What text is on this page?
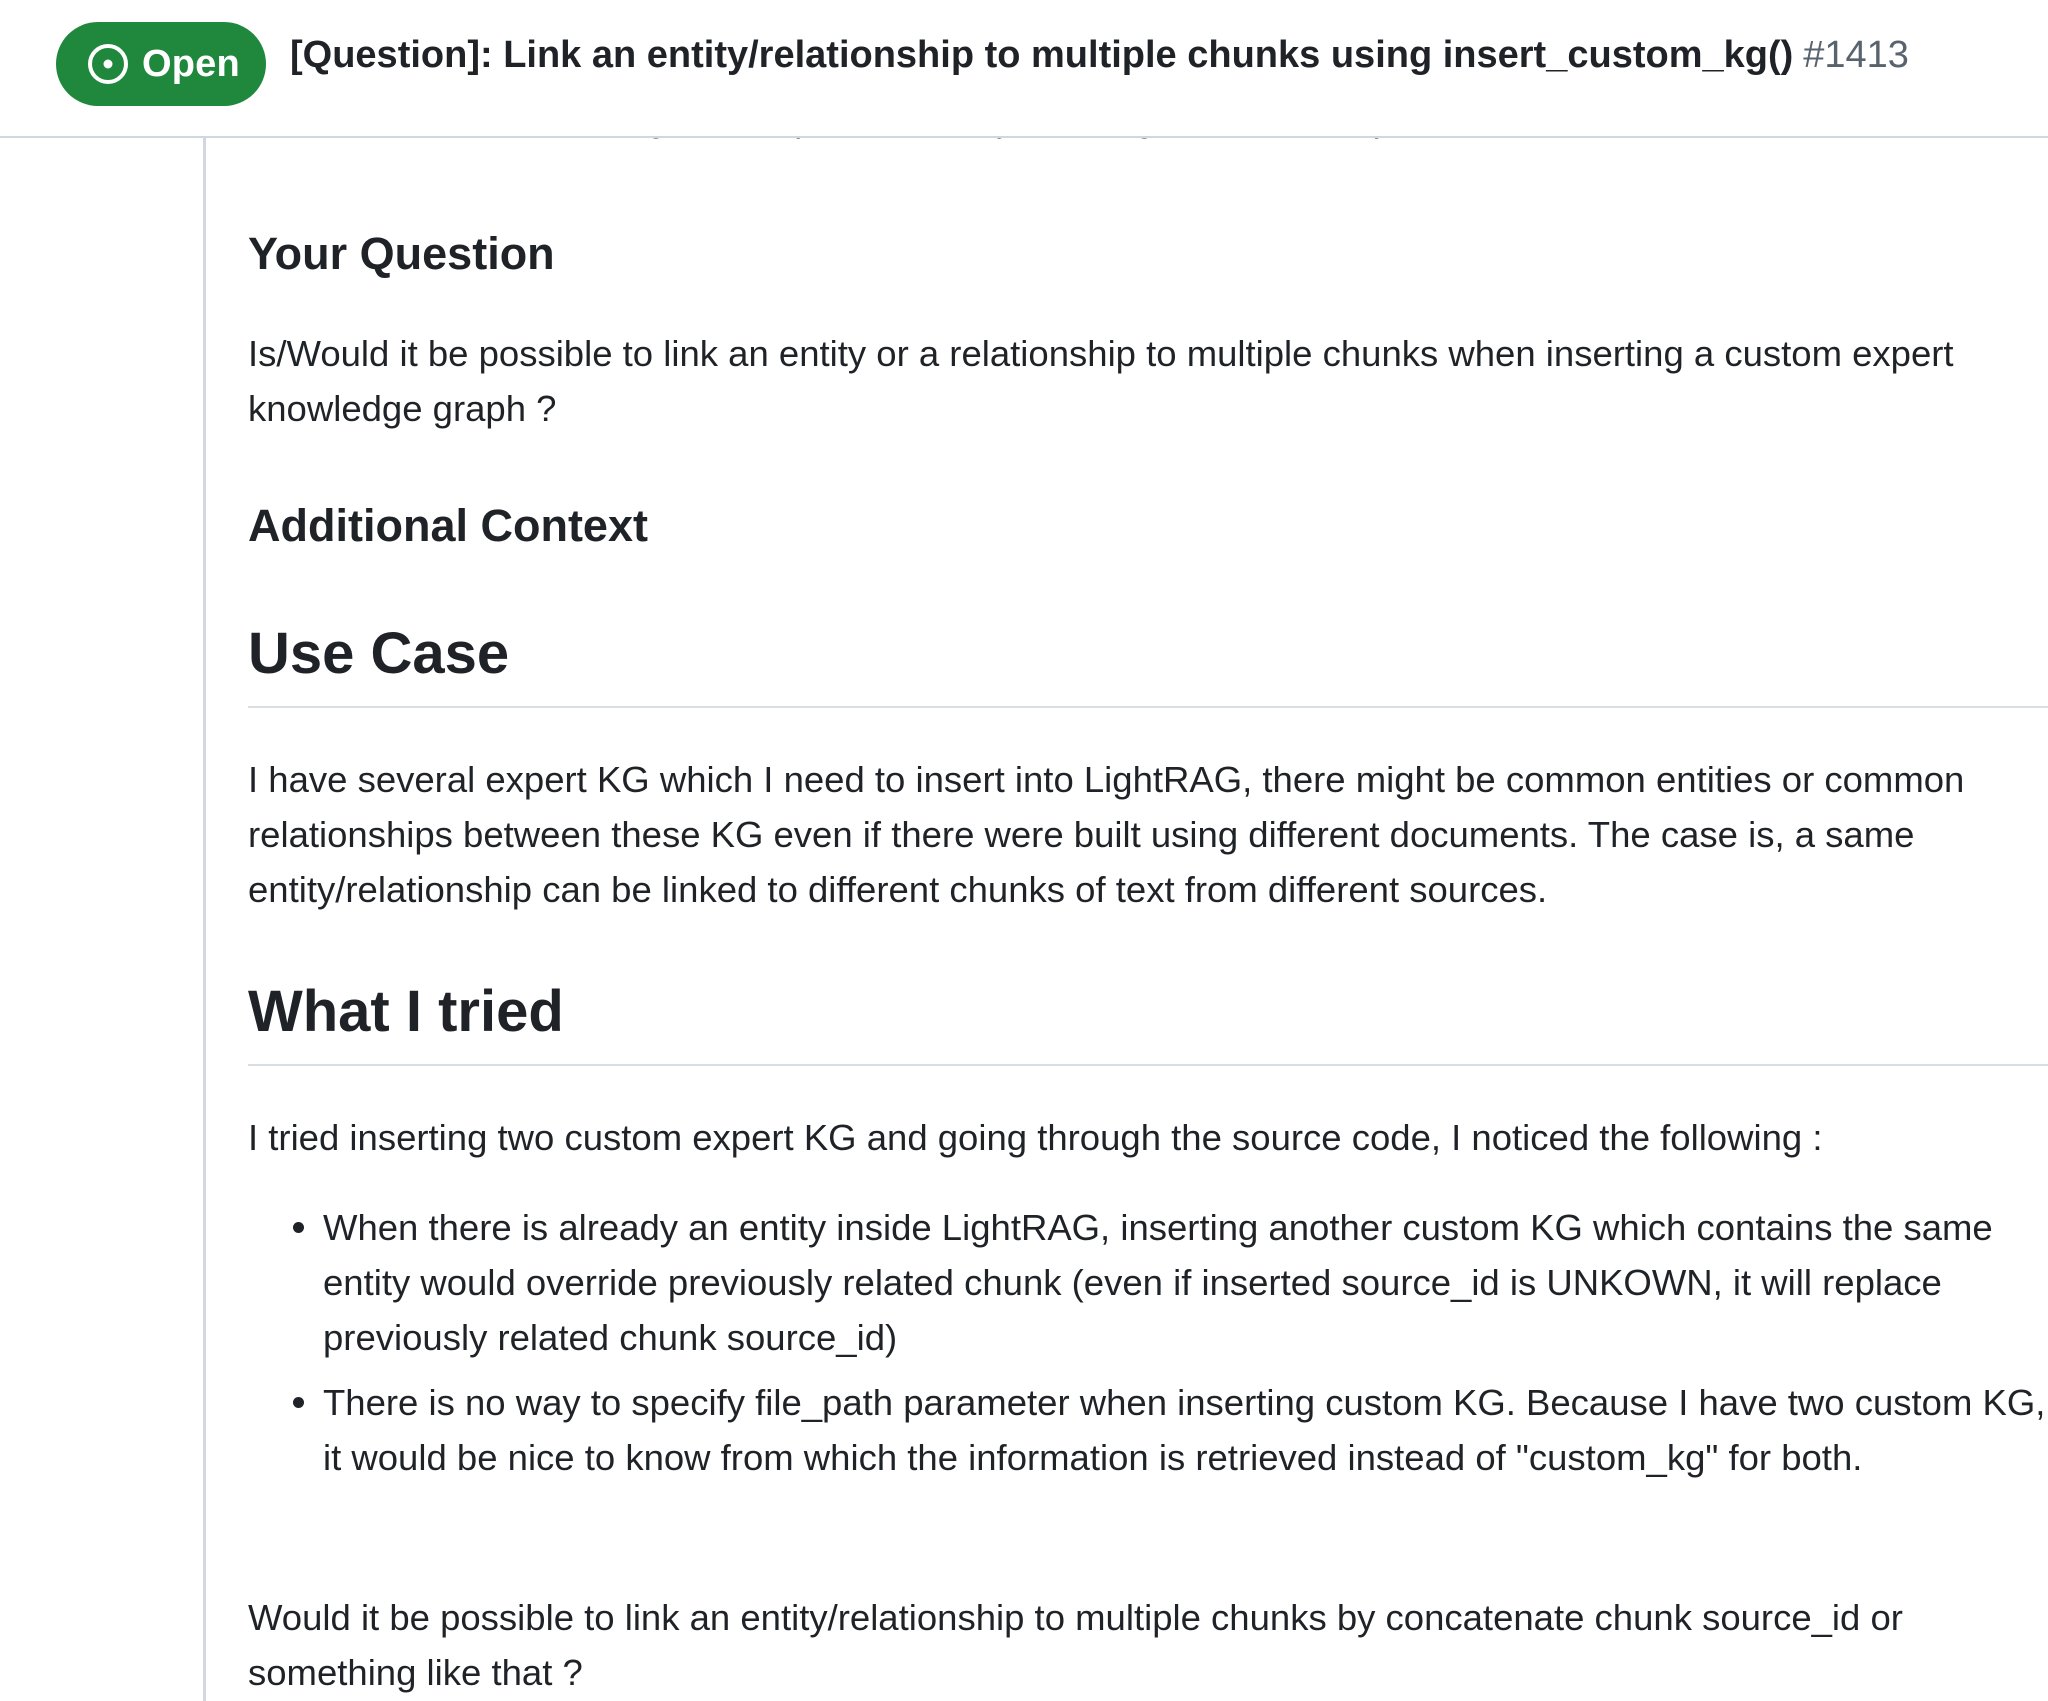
Open [Question]: Link an entity/relationship to multiple chunks using insert_custom_kg() #1413
Your Question

Is/Would it be possible to link an entity or a relationship to multiple chunks when inserting a custom expert knowledge graph ?

Additional Context
Use Case

I have several expert KG which I need to insert into LightRAG, there might be common entities or common relationships between these KG even if there were built using different documents. The case is, a same entity/relationship can be linked to different chunks of text from different sources.

What I tried

I tried inserting two custom expert KG and going through the source code, I noticed the following :

When there is already an entity inside LightRAG, inserting another custom KG which contains the same entity would override previously related chunk (even if inserted source_id is UNKOWN, it will replace previously related chunk source_id)
There is no way to specify file_path parameter when inserting custom KG. Because I have two custom KG, it would be nice to know from which the information is retrieved instead of "custom_kg" for both.

Would it be possible to link an entity/relationship to multiple chunks by concatenate chunk source_id or something like that ?
